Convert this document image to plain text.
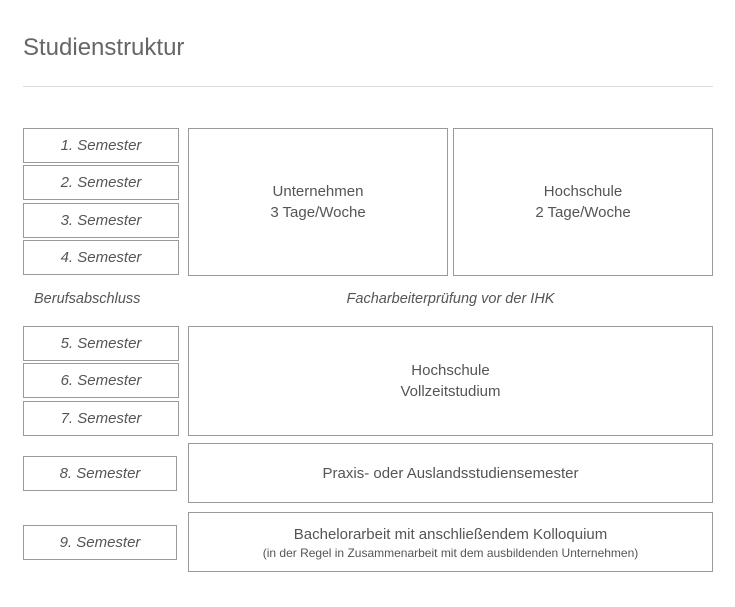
Studienstruktur
1. Semester
2. Semester
3. Semester
4. Semester
Unternehmen
3 Tage/Woche
Hochschule
2 Tage/Woche
Berufsabschluss	Facharbeiterprüfung vor der IHK
5. Semester
6. Semester
7. Semester
Hochschule
Vollzeitstudium
8. Semester	Praxis- oder Auslandsstudiensemester
9. Semester	Bachelorarbeit mit anschließendem Kolloquium
(in der Regel in Zusammenarbeit mit dem ausbildenden Unternehmen)
